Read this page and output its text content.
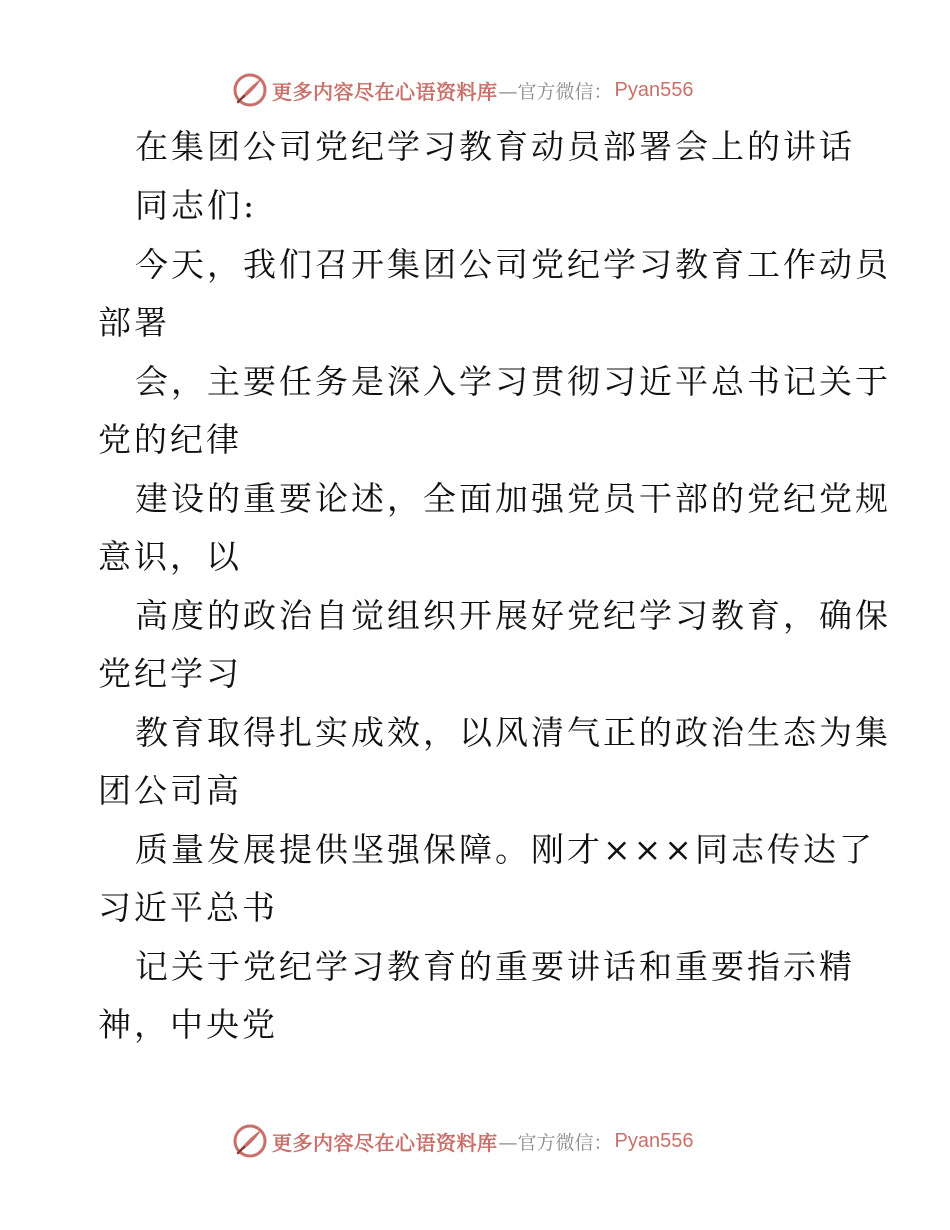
更多内容尽在心语资料库 —官方微信： Pyan556
在集团公司党纪学习教育动员部署会上的讲话
同志们:
今天，我们召开集团公司党纪学习教育工作动员
部署
会，主要任务是深入学习贯彻习近平总书记关于
党的纪律
建设的重要论述，全面加强党员干部的党纪党规
意识，以
高度的政治自觉组织开展好党纪学习教育，确保
党纪学习
教育取得扎实成效，以风清气正的政治生态为集
团公司高
质量发展提供坚强保障。刚才×××同志传达了
习近平总书
记关于党纪学习教育的重要讲话和重要指示精
神，中央党
更多内容尽在心语资料库 —官方微信： Pyan556
